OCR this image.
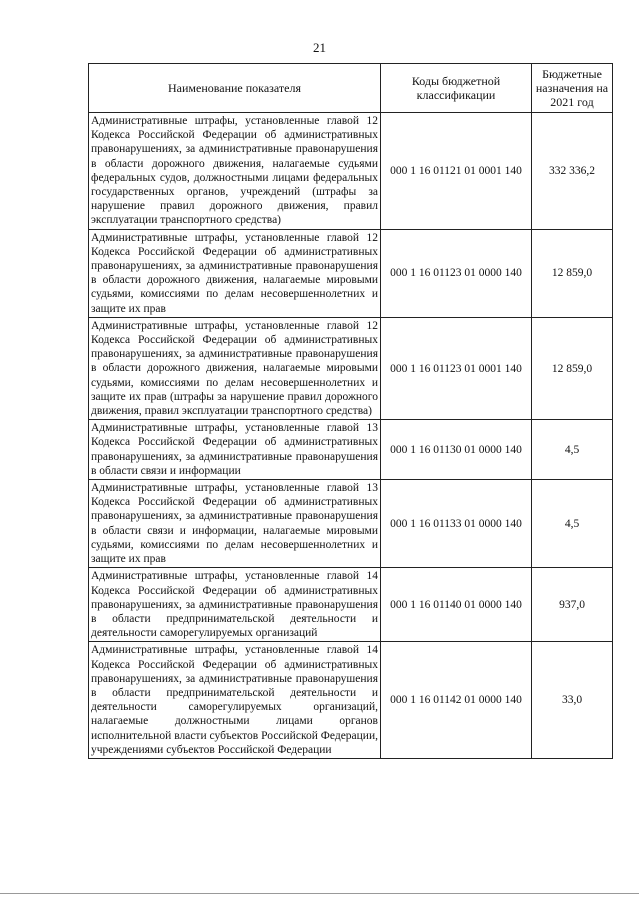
21
Наименование показателя	Коды бюджетной классификации	Бюджетные назначения на 2021 год
Административные штрафы, установленные главой 12 Кодекса Российской Федерации об административных правонарушениях, за административные правонарушения в области дорожного движения, налагаемые судьями федеральных судов, должностными лицами федеральных государственных органов, учреждений (штрафы за нарушение правил дорожного движения, правил эксплуатации транспортного средства)	000 1 16 01121 01 0001 140	332 336,2
Административные штрафы, установленные главой 12 Кодекса Российской Федерации об административных правонарушениях, за административные правонарушения в области дорожного движения, налагаемые мировыми судьями, комиссиями по делам несовершеннолетних и защите их прав	000 1 16 01123 01 0000 140	12 859,0
Административные штрафы, установленные главой 12 Кодекса Российской Федерации об административных правонарушениях, за административные правонарушения в области дорожного движения, налагаемые мировыми судьями, комиссиями по делам несовершеннолетних и защите их прав (штрафы за нарушение правил дорожного движения, правил эксплуатации транспортного средства)	000 1 16 01123 01 0001 140	12 859,0
Административные штрафы, установленные главой 13 Кодекса Российской Федерации об административных правонарушениях, за административные правонарушения в области связи и информации	000 1 16 01130 01 0000 140	4,5
Административные штрафы, установленные главой 13 Кодекса Российской Федерации об административных правонарушениях, за административные правонарушения в области связи и информации, налагаемые мировыми судьями, комиссиями по делам несовершеннолетних и защите их прав	000 1 16 01133 01 0000 140	4,5
Административные штрафы, установленные главой 14 Кодекса Российской Федерации об административных правонарушениях, за административные правонарушения в области предпринимательской деятельности и деятельности саморегулируемых организаций	000 1 16 01140 01 0000 140	937,0
Административные штрафы, установленные главой 14 Кодекса Российской Федерации об административных правонарушениях, за административные правонарушения в области предпринимательской деятельности и деятельности саморегулируемых организаций, налагаемые должностными лицами органов исполнительной власти субъектов Российской Федерации, учреждениями субъектов Российской Федерации	000 1 16 01142 01 0000 140	33,0
